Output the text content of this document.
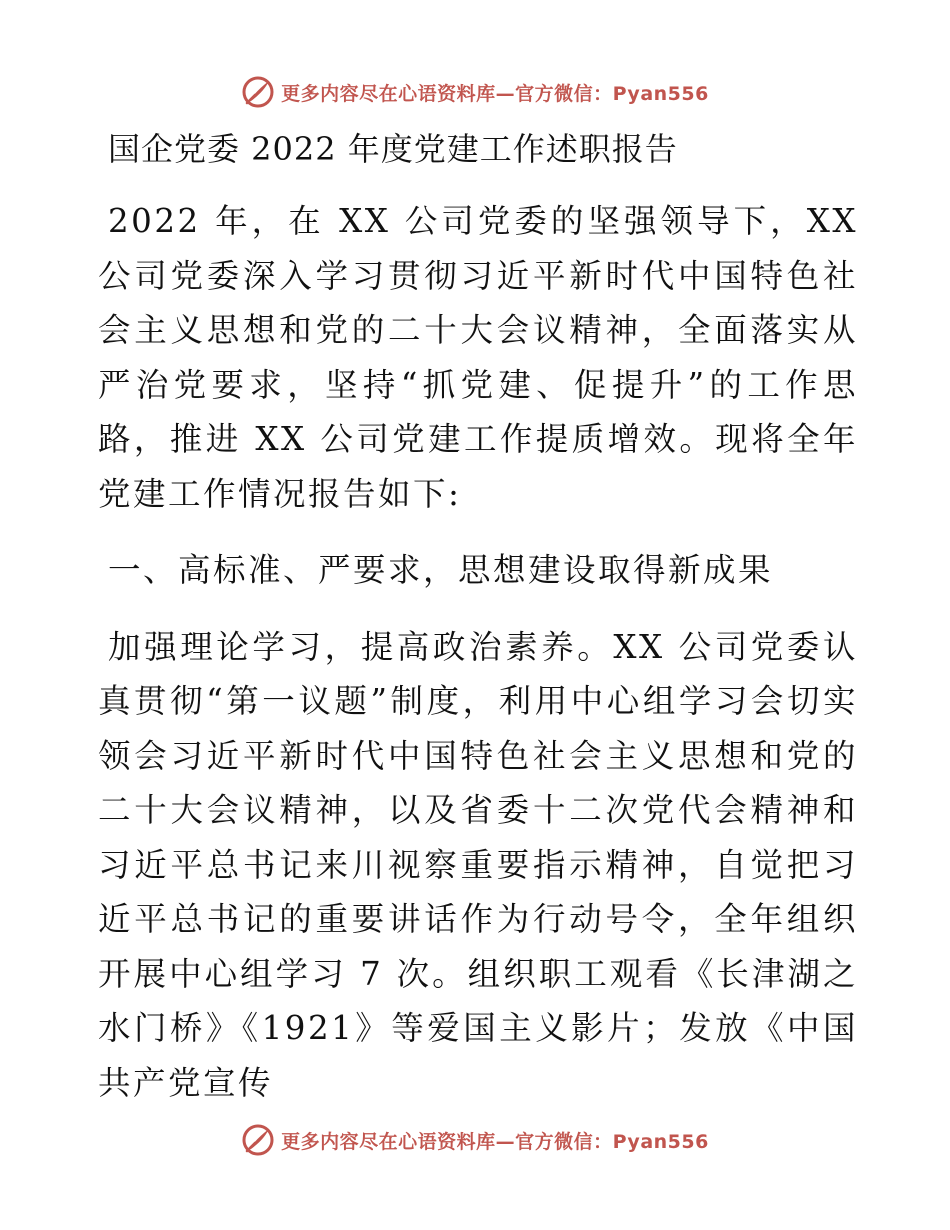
更多内容尽在心语资料库—官方微信：Pyan556
国企党委 2022 年度党建工作述职报告

2022 年，在 XX 公司党委的坚强领导下，XX 公司党委深入学习贯彻习近平新时代中国特色社会主义思想和党的二十大会议精神，全面落实从严治党要求，坚持“抓党建、促提升”的工作思路，推进 XX 公司党建工作提质增效。现将全年党建工作情况报告如下:

一、高标准、严要求，思想建设取得新成果

加强理论学习，提高政治素养。XX 公司党委认真贯彻“第一议题”制度，利用中心组学习会切实领会习近平新时代中国特色社会主义思想和党的二十大会议精神，以及省委十二次党代会精神和习近平总书记来川视察重要指示精神，自觉把习近平总书记的重要讲话作为行动号令，全年组织开展中心组学习 7 次。组织职工观看《长津湖之水门桥》《1921》等爱国主义影片；发放《中国共产党宣传

更多内容尽在心语资料库—官方微信：Pyan556
